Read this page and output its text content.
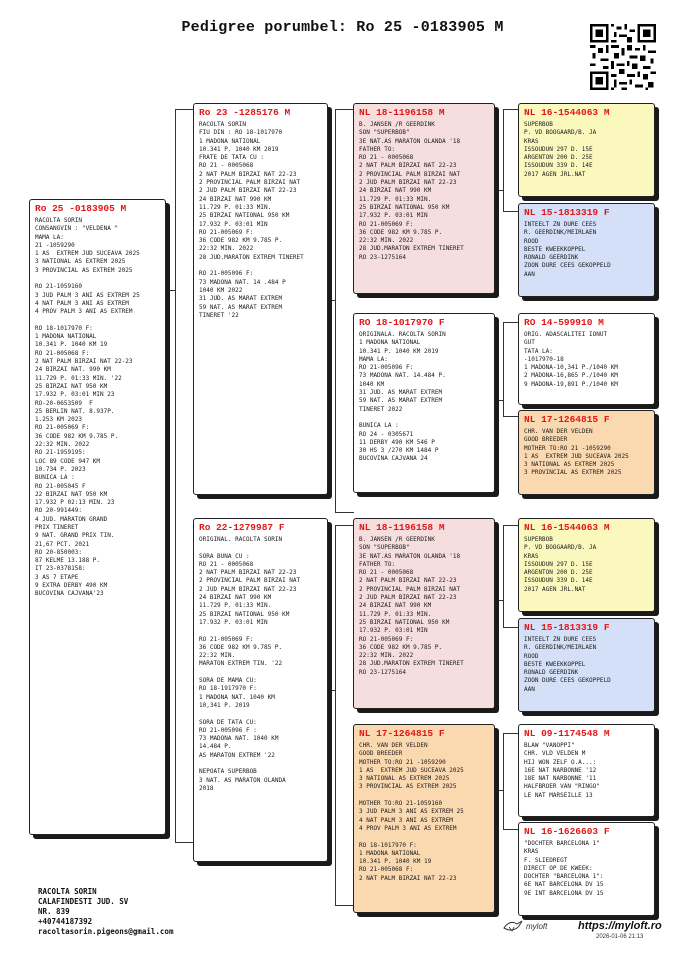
Pedigree porumbel: Ro 25 -0183905 M
Ro 25 -0183905 M
RACOLTA SORIN
CONSANGVIN : "VELDENA "
MAMA LA:
21 -1059290
1 AS  EXTREM JUD SUCEAVA 2025
3 NATIONAL AS EXTREM 2025
3 PROVINCIAL AS EXTREM 2025

RO 21-1059160
3 JUD PALM 3 ANI AS EXTREM 25
4 NAT PALM 3 ANI AS EXTREM
4 PROV PALM 3 ANI AS EXTREM

RO 18-1017970 F:
1 MADONA NATIONAL
10.341 P. 1040 KM 19
RO 21-005068 F:
2 NAT PALM BIRZAI NAT 22-23
24 BIRZAI NAT. 990 KM
11.729 P. 01:33 MIN. '22
25 BIRZAI NAT 950 KM
17.932 P. 03:01 MIN 23
RO-20-0653509  F
25 BERLIN NAT. 8.937P.
1.253 KM 2023
RO 21-005069 F:
36 CODE 982 KM 9.785 P.
22:32 MIN. 2022
RO 21-1959195:
LOC 89 CODE 947 KM
10.734 P. 2023
BUNICA LA :
RO 21-005045 F
22 BIRZAI NAT 950 KM
17.932 P 02:13 MIN. 23
RO 20-991449:
4 JUD. MARATON GRAND
PRIX TINERET
9 NAT. GRAND PRIX TIN.
21,67 PCT. 2021
RO 20-850003:
87 KELME 13.188 P.
IT 23-0378158:
3 AS 7 ETAPE
9 EXTRA DERBY 490 KM
BUCOVINA CAJVANA'23
Ro 23 -1285176 M
RACOLTA SORIN
FIU DIN : RO 18-1017970
1 MADONA NATIONAL
10.341 P. 1040 KM 2019
FRATE DE TATA CU :
RO 21 - 0005068
2 NAT PALM BIRZAI NAT 22-23
2 PROVINCIAL PALM BIRZAI NAT
2 JUD PALM BIRZAI NAT 22-23
24 BIRZAI NAT 990 KM
11.729 P. 01:33 MIN.
25 BIRZAI NATIONAL 950 KM
17.932 P. 03:01 MIN
RO 21-005069 F:
36 CODE 982 KM 9.785 P.
22:32 MIN. 2022
28 JUD.MARATON EXTREM TINERET

RO 21-005096 F:
73 MADONA NAT. 14 .484 P
1040 KM 2022
31 JUD. AS MARAT EXTREM
59 NAT. AS MARAT EXTREM
TINERET '22
Ro 22-1279987 F
ORIGINAL. RACOLTA SORIN

SORA BUNA CU :
RO 21 - 0005068
2 NAT PALM BIRZAI NAT 22-23
2 PROVINCIAL PALM BIRZAI NAT
2 JUD PALM BIRZAI NAT 22-23
24 BIRZAI NAT 990 KM
11.729 P. 01:33 MIN.
25 BIRZAI NATIONAL 950 KM
17.932 P. 03:01 MIN

RO 21-005069 F:
36 CODE 982 KM 9.785 P.
22:32 MIN.
MARATON EXTREM TIN. '22

SORA DE MAMA CU:
RO 18-1917970 F:
1 MADONA NAT. 1040 KM
10,341 P. 2019

SORA DE TATA CU:
RO 21-005096 F :
73 MADONA NAT. 1040 KM
14.484 P.
AS MARATON EXTREM '22

NEPOATA SUPERBOB
3 NAT. AS MARATON OLANDA
2018
NL 18-1196158 M
B. JANSEN /R GEERDINK
SON "SUPERBOB"
3E NAT.AS MARATON OLANDA '18
FATHER TO:
RO 21 - 0005068
2 NAT PALM BIRZAI NAT 22-23
2 PROVINCIAL PALM BIRZAI NAT
2 JUD PALM BIRZAI NAT 22-23
24 BIRZAI NAT 990 KM
11.729 P. 01:33 MIN.
25 BIRZAI NATIONAL 950 KM
17.932 P. 03:01 MIN
RO 21-005069 F:
36 CODE 982 KM 9.785 P.
22:32 MIN. 2022
28 JUD.MARATON EXTREM TINERET
RO 23-1275164
RO 18-1017970 F
ORIGINALA. RACOLTA SORIN
1 MADONA NATIONAL
10.341 P. 1040 KM 2019
MAMA LA:
RO 21-005096 F:
73 MADONA NAT. 14.484 P.
1040 KM
31 JUD. AS MARAT EXTREM
59 NAT. AS MARAT EXTREM
TINERET 2022

BUNICA LA :
RO 24 - 0305671
11 DERBY 490 KM 546 P
30 HS 3 /270 KM 1484 P
BUCOVINA CAJVANA 24
NL 18-1196158 M
B. JANSEN /R GEERDINK
SON "SUPERBOB"
3E NAT.AS MARATON OLANDA '18
FATHER TO:
RO 21 - 0005068
2 NAT PALM BIRZAI NAT 22-23
2 PROVINCIAL PALM BIRZAI NAT
2 JUD PALM BIRZAI NAT 22-23
24 BIRZAI NAT 990 KM
11.729 P. 01:33 MIN.
25 BIRZAI NATIONAL 950 KM
17.932 P. 03:01 MIN
RO 21-005069 F:
36 CODE 982 KM 9.785 P.
22:32 MIN. 2022
28 JUD.MARATON EXTREM TINERET
RO 23-1275164
NL 17-1264815 F
CHR. VAN DER VELDEN
GOOD BREEDER
MOTHER TO:RO 21 -1059290
1 AS  EXTREM JUD SUCEAVA 2025
3 NATIONAL AS EXTREM 2025
3 PROVINCIAL AS EXTREM 2025

MOTHER TO:RO 21-1059160
3 JUD PALM 3 ANI AS EXTREM 25
4 NAT PALM 3 ANI AS EXTREM
4 PROV PALM 3 ANI AS EXTREM

RO 18-1017970 F:
1 MADONA NATIONAL
10.341 P. 1040 KM 19
RO 21-005068 F:
2 NAT PALM BIRZAI NAT 22-23
NL 16-1544063 M
SUPERBOB
P. VD BOOGAARD/B. JA
KRAS
ISSOUDUN 297 D. 15E
ARGENTON 200 D. 25E
ISSOUDUN 339 D. 14E
2017 AGEN JRL.NAT
NL 15-1813319 F
INTEELT ZN DURE CEES
R. GEERDINK/MEIRLAEN
ROOD
BESTE KWEEKKOPPEL
RONALD GEERDINK
ZOON DURE CEES GEKOPPELD
AAN
RO 14-599910 M
ORIG. ADASCALITEI IONUT
GUT
TATA LA:
-1017970-18
1 MADONA-10,341 P./1040 KM
2 MADONA-16,865 P./1040 KM
9 MADONA-19,891 P./1040 KM
NL 17-1264815 F
CHR. VAN DER VELDEN
GOOD BREEDER
MOTHER TO:RO 21 -1059290
1 AS  EXTREM JUD SUCEAVA 2025
3 NATIONAL AS EXTREM 2025
3 PROVINCIAL AS EXTREM 2025
NL 16-1544063 M
SUPERBOB
P. VD BOOGAARD/B. JA
KRAS
ISSOUDUN 297 D. 15E
ARGENTON 200 D. 25E
ISSOUDUN 339 D. 14E
2017 AGEN JRL.NAT
NL 15-1813319 F
INTEELT ZN DURE CEES
R. GEERDINK/MEIRLAEN
ROOD
BESTE KWEEKKOPPEL
RONALD GEERDINK
ZOON DURE CEES GEKOPPELD
AAN
NL 09-1174548 M
BLAW "VANOPPI"
CHR. VLD VELDEN M
HIJ WON ZELF O.A...:
16E NAT NARBONNE '12
18E NAT NARBONNE '11
HALFBROER VAN "RINGO"
LE NAT MARSEILLE 13
NL 16-1626603 F
"DOCHTER BARCELONA 1"
KRAS
F. SLIEDREGT
DIRECT OP DE KWEEK:
DOCHTER "BARCELONA 1":
6E NAT BARCELONA DV 15
9E INT BARCELONA DV 15
RACOLTA SORIN
CALAFINDESTI JUD. SV
NR. 839
+40744187392
racoltasorin.pigeons@gmail.com
myloft	https://myloft.ro
2026-01-06 21:13
